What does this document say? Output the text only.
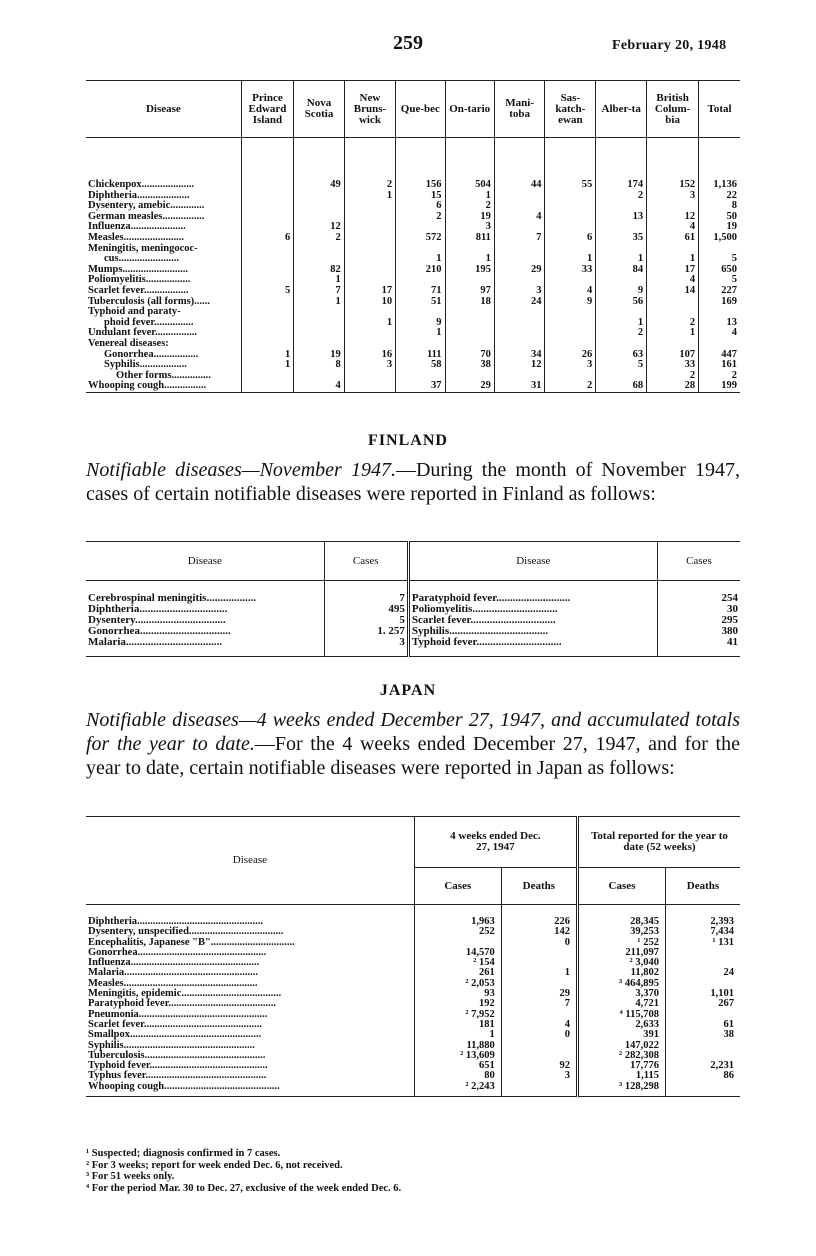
259	February 20, 1948

Disease	Prince Edward Island	Nova Scotia	New Bruns-wick	Que-bec	On-tario	Mani-toba	Sas-katch-ewan	Alber-ta	British Colum-bia	Total
Chickenpox....................		49	2	156	504	44	55	174	152	1,136
Diphtheria....................			1	15	1			2	3	22
Dysentery, amebic.............				6	2					8
German measles................				2	19	4		13	12	50
Influenza.....................		12			3				4	19
Measles.......................	6	2		572	811	7	6	35	61	1,500
Meningitis, meningococ-										
cus.......................				1	1		1	1	1	5
Mumps.........................		82		210	195	29	33	84	17	650
Poliomyelitis.................		1							4	5
Scarlet fever.................	5	7	17	71	97	3	4	9	14	227
Tuberculosis (all forms)......		1	10	51	18	24	9	56		169
Typhoid and paraty-										
phoid fever...............			1	9				1	2	13
Undulant fever................				1				2	1	4
Venereal diseases:										
Gonorrhea.................	1	19	16	111	70	34	26	63	107	447
Syphilis..................	1	8	3	58	38	12	3	5	33	161
Other forms...............									2	2
Whooping cough................		4		37	29	31	2	68	28	199
FINLAND
Notifiable diseases—November 1947.—During the month of November 1947, cases of certain notifiable diseases were reported in Finland as follows:
Disease	Cases	Disease	Cases
Cerebrospinal meningitis..................	7	Paratyphoid fever...........................	254
Diphtheria................................	495	Poliomyelitis...............................	30
Dysentery.................................	5	Scarlet fever...............................	295
Gonorrhea.................................	1. 257	Syphilis....................................	380
Malaria...................................	3	Typhoid fever...............................	41
JAPAN
Notifiable diseases—4 weeks ended December 27, 1947, and accumulated totals for the year to date.—For the 4 weeks ended December 27, 1947, and for the year to date, certain notifiable diseases were reported in Japan as follows:
Disease	4 weeks ended Dec. 27, 1947		Total reported for the year to date (52 weeks)	
	Cases	Deaths	Cases	Deaths
Diphtheria................................................	1,963	226	28,345	2,393
Dysentery, unspecified....................................	252	142	39,253	7,434
Encephalitis, Japanese "B"................................		0	¹ 252	¹ 131
Gonorrhea.................................................	14,570		211,097	
Influenza.................................................	² 154		² 3,040	
Malaria...................................................	261	1	11,802	24
Measles...................................................	² 2,053		³ 464,895	
Meningitis, epidemic......................................	93	29	3,370	1,101
Paratyphoid fever.........................................	192	7	4,721	267
Pneumonia.................................................	² 7,952		⁴ 115,708	
Scarlet fever.............................................	181	4	2,633	61
Smallpox..................................................	1	0	391	38
Syphilis..................................................	11,880		147,022	
Tuberculosis..............................................	² 13,609		² 282,308	
Typhoid fever.............................................	651	92	17,776	2,231
Typhus fever..............................................	80	3	1,115	86
Whooping cough............................................	² 2,243		³ 128,298	
¹ Suspected; diagnosis confirmed in 7 cases.
² For 3 weeks; report for week ended Dec. 6, not received.
³ For 51 weeks only.
⁴ For the period Mar. 30 to Dec. 27, exclusive of the week ended Dec. 6.
